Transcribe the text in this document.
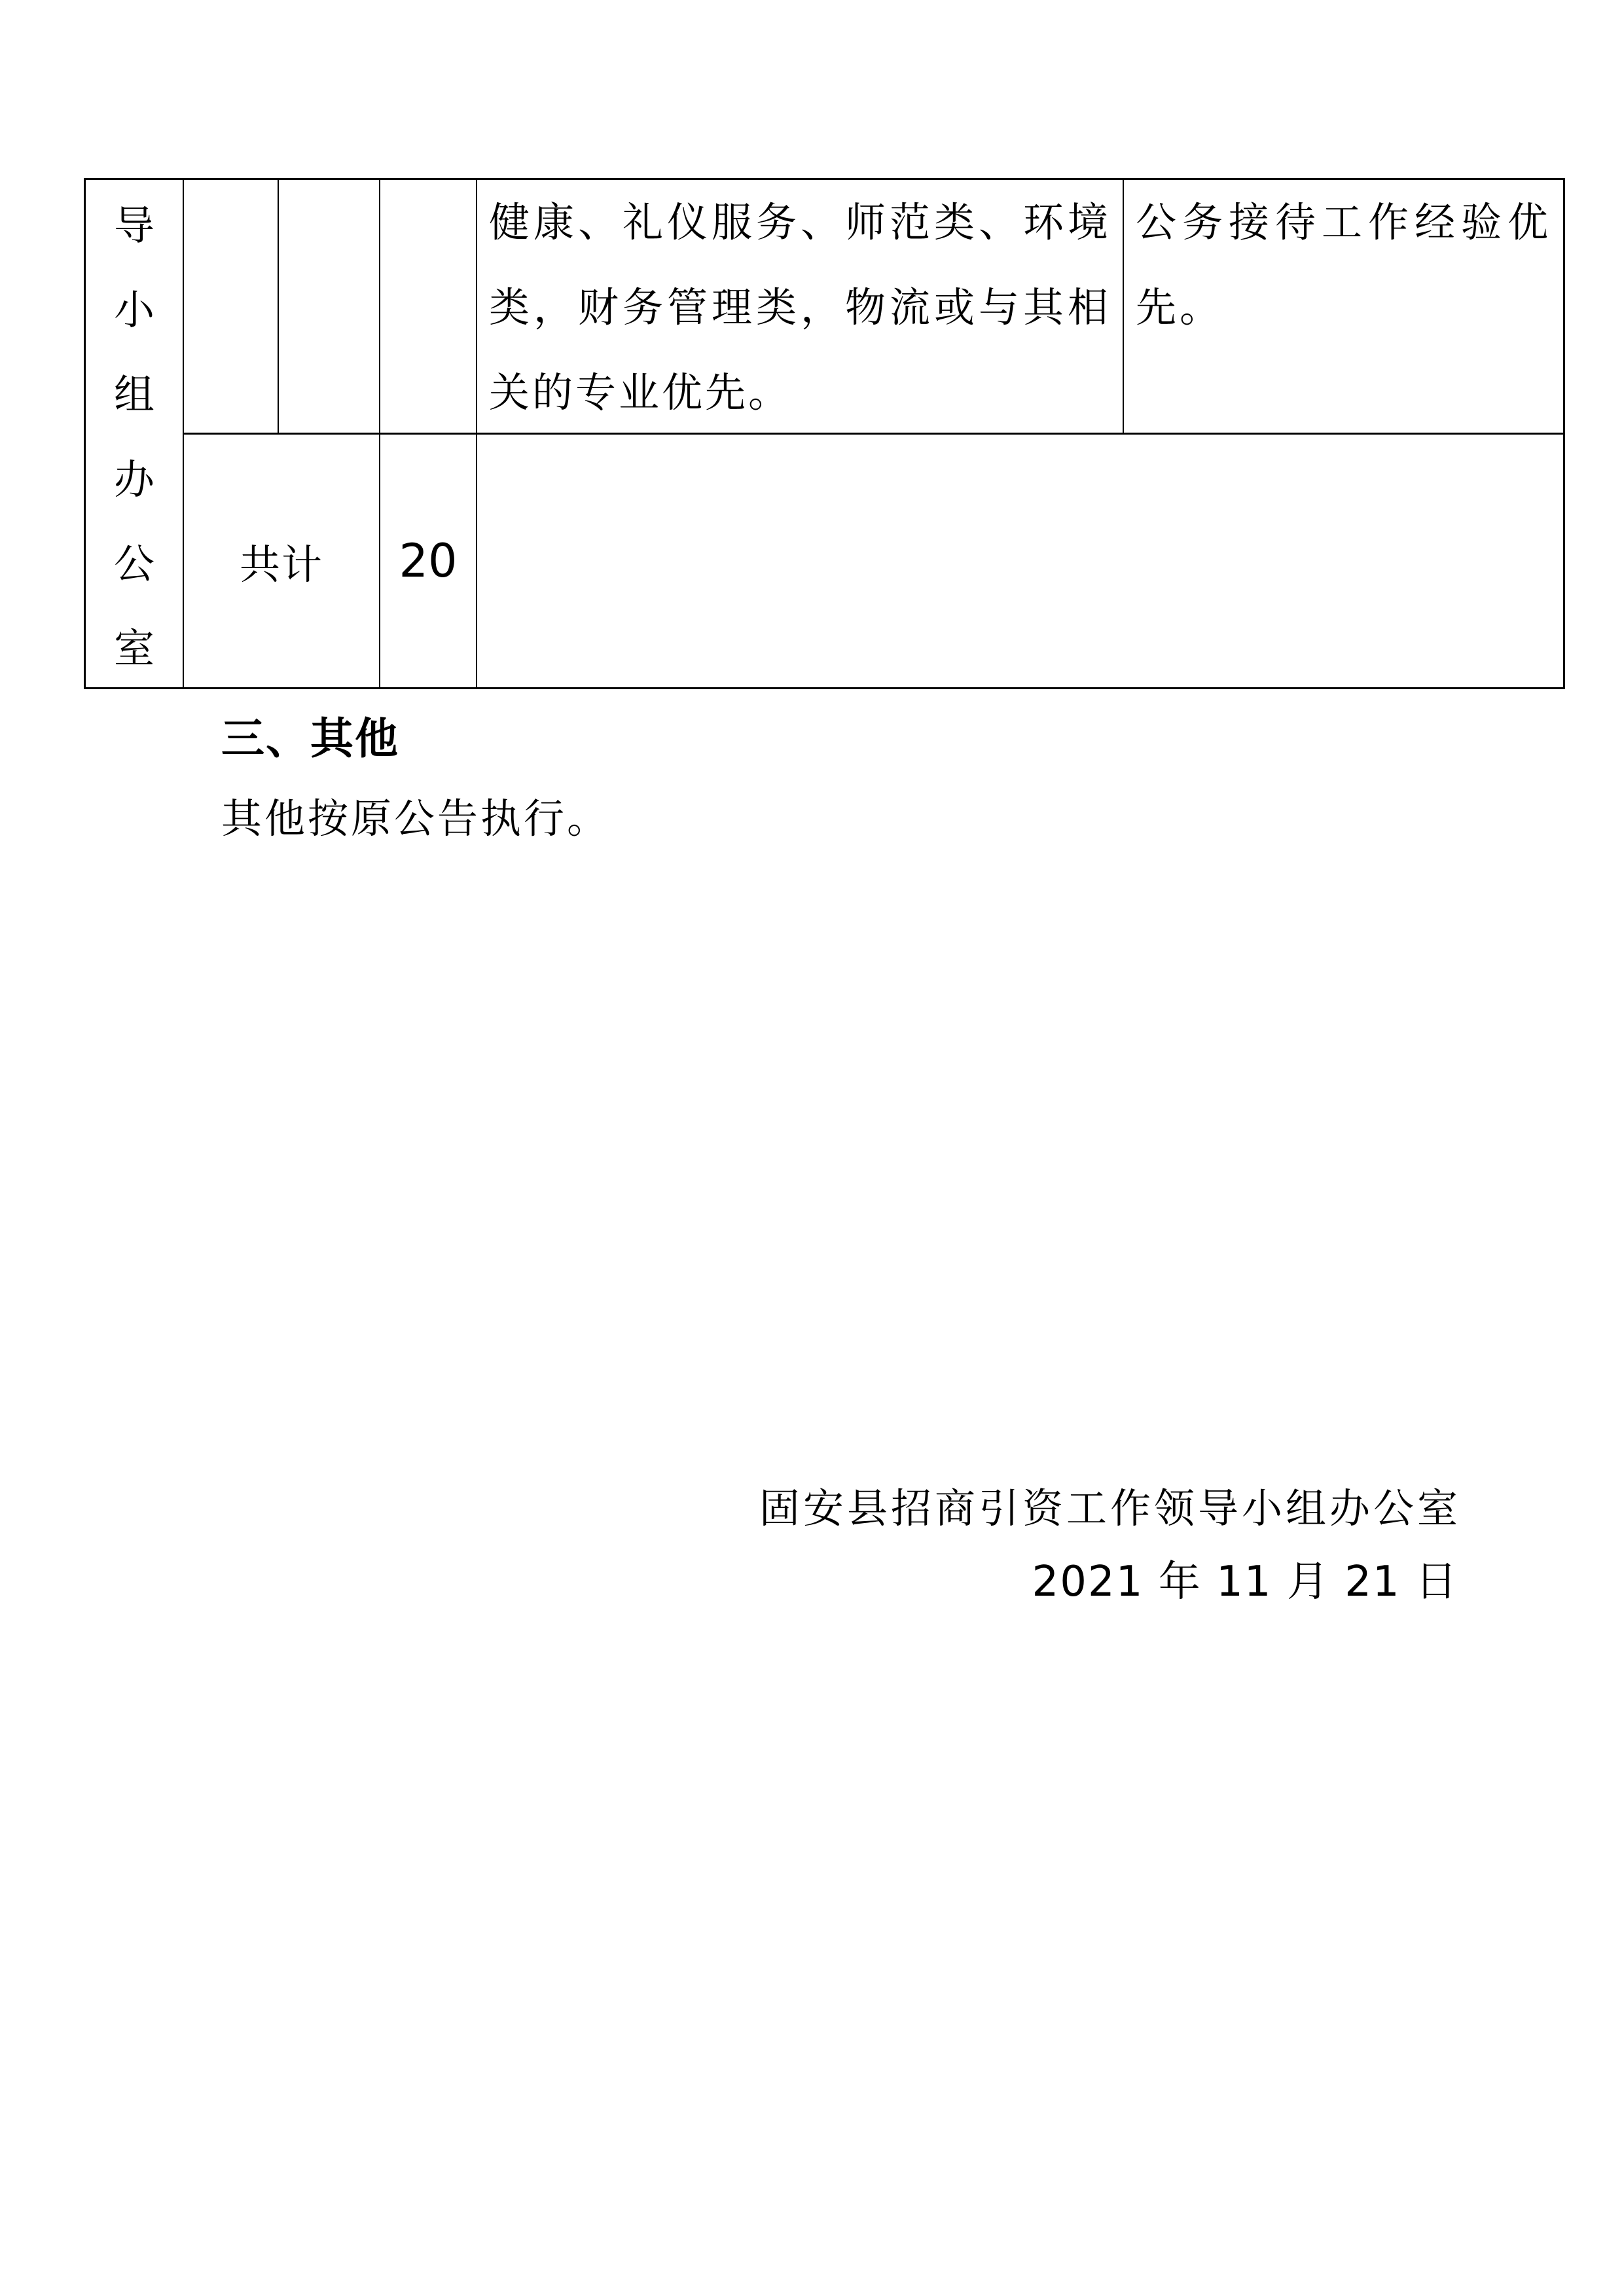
导
小
组
办
公
室

健康、礼仪服务、师范类、环境类，财务管理类，物流或与其相关的专业优先。

公务接待工作经验优先。

共计 20
三、其他
其他按原公告执行。
固安县招商引资工作领导小组办公室
2021 年 11 月 21 日
